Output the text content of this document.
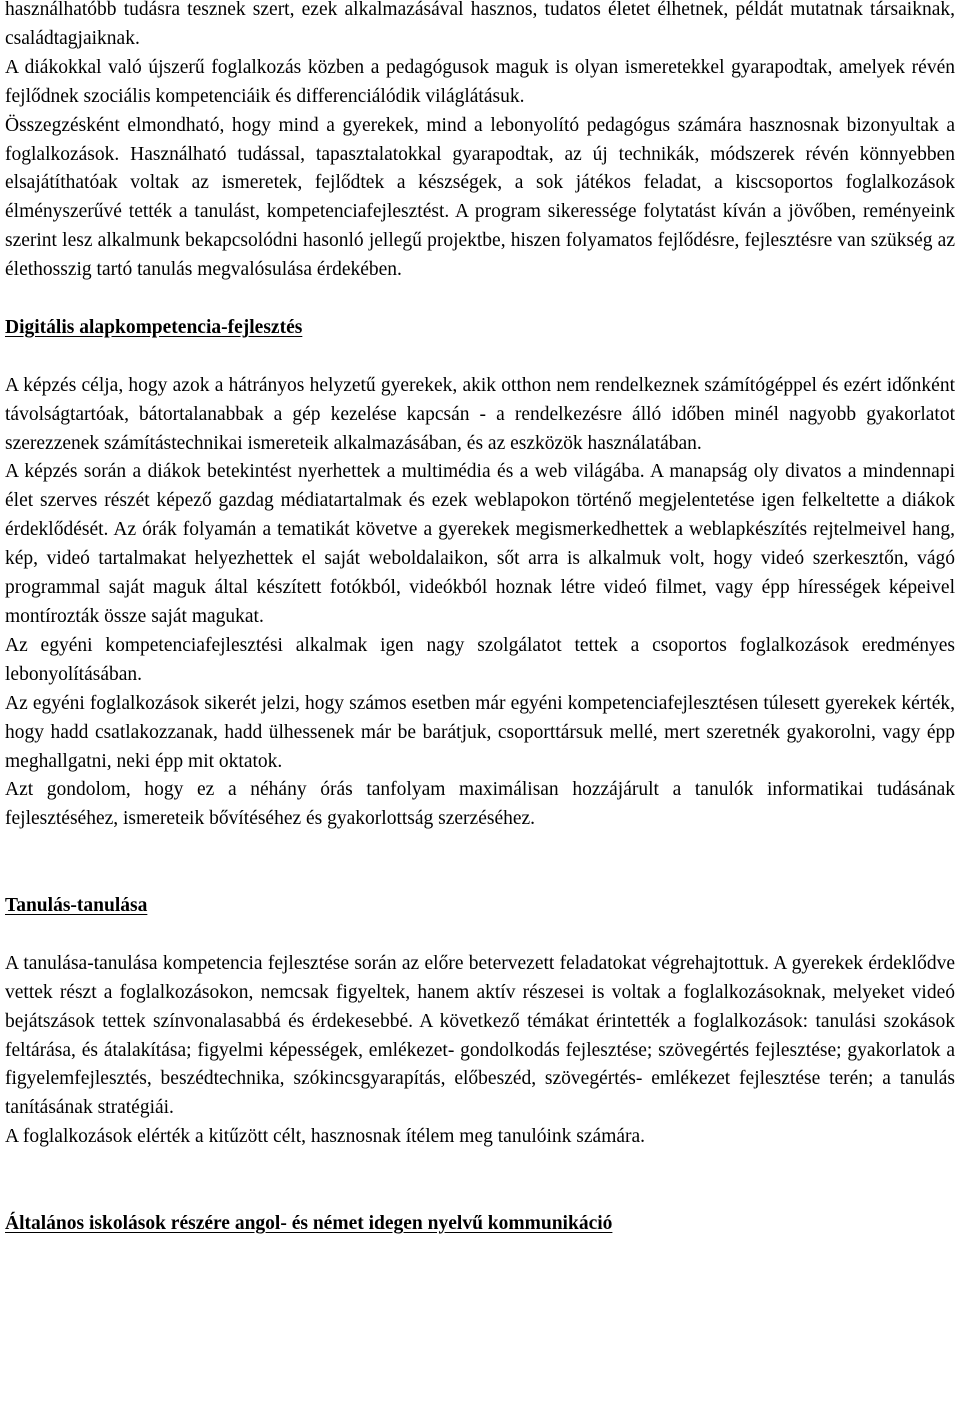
használhatóbb tudásra tesznek szert, ezek alkalmazásával hasznos, tudatos életet élhetnek, példát mutatnak társaiknak, családtagjaiknak.

A diákokkal való újszerű foglalkozás közben a pedagógusok maguk is olyan ismeretekkel gyarapodtak, amelyek révén fejlődnek szociális kompetenciáik és differenciálódik világlátásuk.

Összegzésként elmondható, hogy mind a gyerekek, mind a lebonyolító pedagógus számára hasznosnak bizonyultak a foglalkozások. Használható tudással, tapasztalatokkal gyarapodtak, az új technikák, módszerek révén könnyebben elsajátíthatóak voltak az ismeretek, fejlődtek a készségek, a sok játékos feladat, a kiscsoportos foglalkozások élményszerűvé tették a tanulást, kompetenciafejlesztést. A program sikeressége folytatást kíván a jövőben, reményeink szerint lesz alkalmunk bekapcsolódni hasonló jellegű projektbe, hiszen folyamatos fejlődésre, fejlesztésre van szükség az élethosszig tartó tanulás megvalósulása érdekében.

Digitális alapkompetencia-fejlesztés

A képzés célja, hogy azok a hátrányos helyzetű gyerekek, akik otthon nem rendelkeznek számítógéppel és ezért időnként távolságtartóak, bátortalanabbak a gép kezelése kapcsán - a rendelkezésre álló időben minél nagyobb gyakorlatot szerezzenek számítástechnikai ismereteik alkalmazásában, és az eszközök használatában.

A képzés során a diákok betekintést nyerhettek a multimédia és a web világába. A manapság oly divatos a mindennapi élet szerves részét képező gazdag médiatartalmak és ezek weblapokon történő megjelentetése igen felkeltette a diákok érdeklődését. Az órák folyamán a tematikát követve a gyerekek megismerkedhettek a weblapkészítés rejtelmeivel hang, kép, videó tartalmakat helyezhettek el saját weboldalaikon, sőt arra is alkalmuk volt, hogy videó szerkesztőn, vágó programmal saját maguk által készített fotókból, videókból hoznak létre videó filmet, vagy épp hírességek képeivel montírozták össze saját magukat.

Az egyéni kompetenciafejlesztési alkalmak igen nagy szolgálatot tettek a csoportos foglalkozások eredményes lebonyolításában.

Az egyéni foglalkozások sikerét jelzi, hogy számos esetben már egyéni kompetenciafejlesztésen túlesett gyerekek kérték, hogy hadd csatlakozzanak, hadd ülhessenek már be barátjuk, csoporttársuk mellé, mert szeretnék gyakorolni, vagy épp meghallgatni, neki épp mit oktatok.

Azt gondolom, hogy ez a néhány órás tanfolyam maximálisan hozzájárult a tanulók informatikai tudásának fejlesztéséhez, ismereteik bővítéséhez és gyakorlottság szerzéséhez.

Tanulás-tanulása

A tanulása-tanulása kompetencia fejlesztése során az előre betervezett feladatokat végrehajtottuk. A gyerekek érdeklődve vettek részt a foglalkozásokon, nemcsak figyeltek, hanem aktív részesei is voltak a foglalkozásoknak, melyeket videó bejátszások tettek színvonalasabbá és érdekesebbé. A következő témákat érintették a foglalkozások: tanulási szokások feltárása, és átalakítása; figyelmi képességek, emlékezet- gondolkodás fejlesztése; szövegértés fejlesztése; gyakorlatok a figyelemfejlesztés, beszédtechnika, szókincsgyarapítás, előbeszéd, szövegértés- emlékezet fejlesztése terén; a tanulás tanításának stratégiái.

A foglalkozások elérték a kitűzött célt, hasznosnak ítélem meg tanulóink számára.

Általános iskolások részére angol- és német idegen nyelvű kommunikáció
